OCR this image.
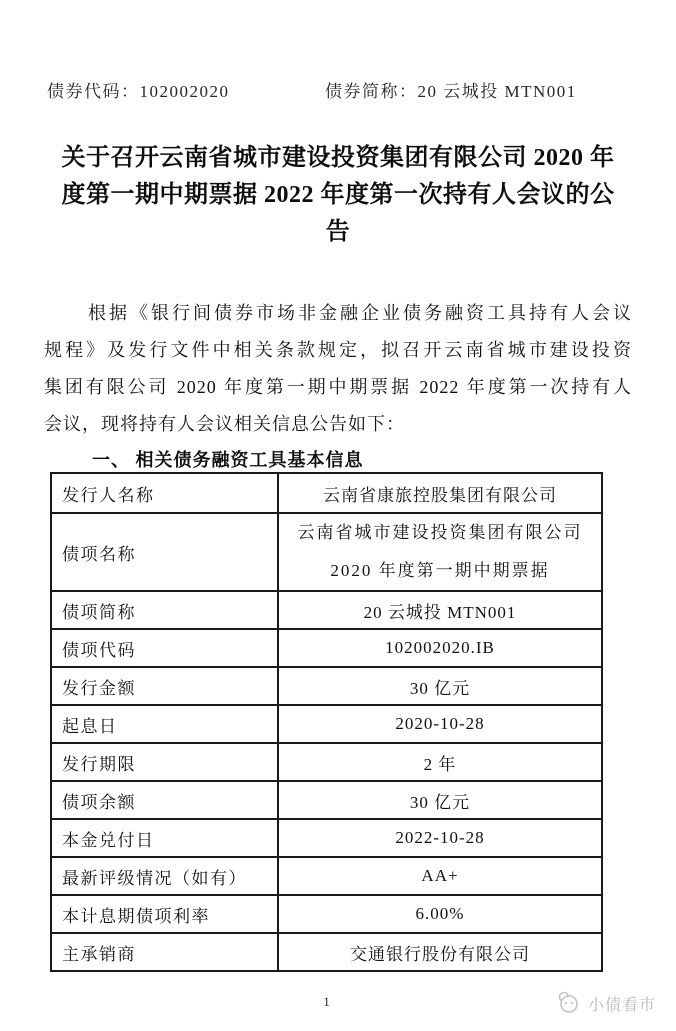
债券代码：102002020	债券简称：20 云城投 MTN001
关于召开云南省城市建设投资集团有限公司 2020 年
度第一期中期票据 2022 年度第一次持有人会议的公
告
根据《银行间债券市场非金融企业债务融资工具持有人会议
规程》及发行文件中相关条款规定，拟召开云南省城市建设投资
集团有限公司 2020 年度第一期中期票据 2022 年度第一次持有人
会议，现将持有人会议相关信息公告如下：
一、 相关债务融资工具基本信息
发行人名称	云南省康旅控股集团有限公司
债项名称	云南省城市建设投资集团有限公司
2020 年度第一期中期票据

债项简称	20 云城投 MTN001
债项代码	102002020.IB
发行金额	30 亿元
起息日	2020-10-28
发行期限	2 年
债项余额	30 亿元
本金兑付日	2022-10-28
最新评级情况（如有）	AA+
本计息期债项利率	6.00%
主承销商	交通银行股份有限公司
1	小债看市
